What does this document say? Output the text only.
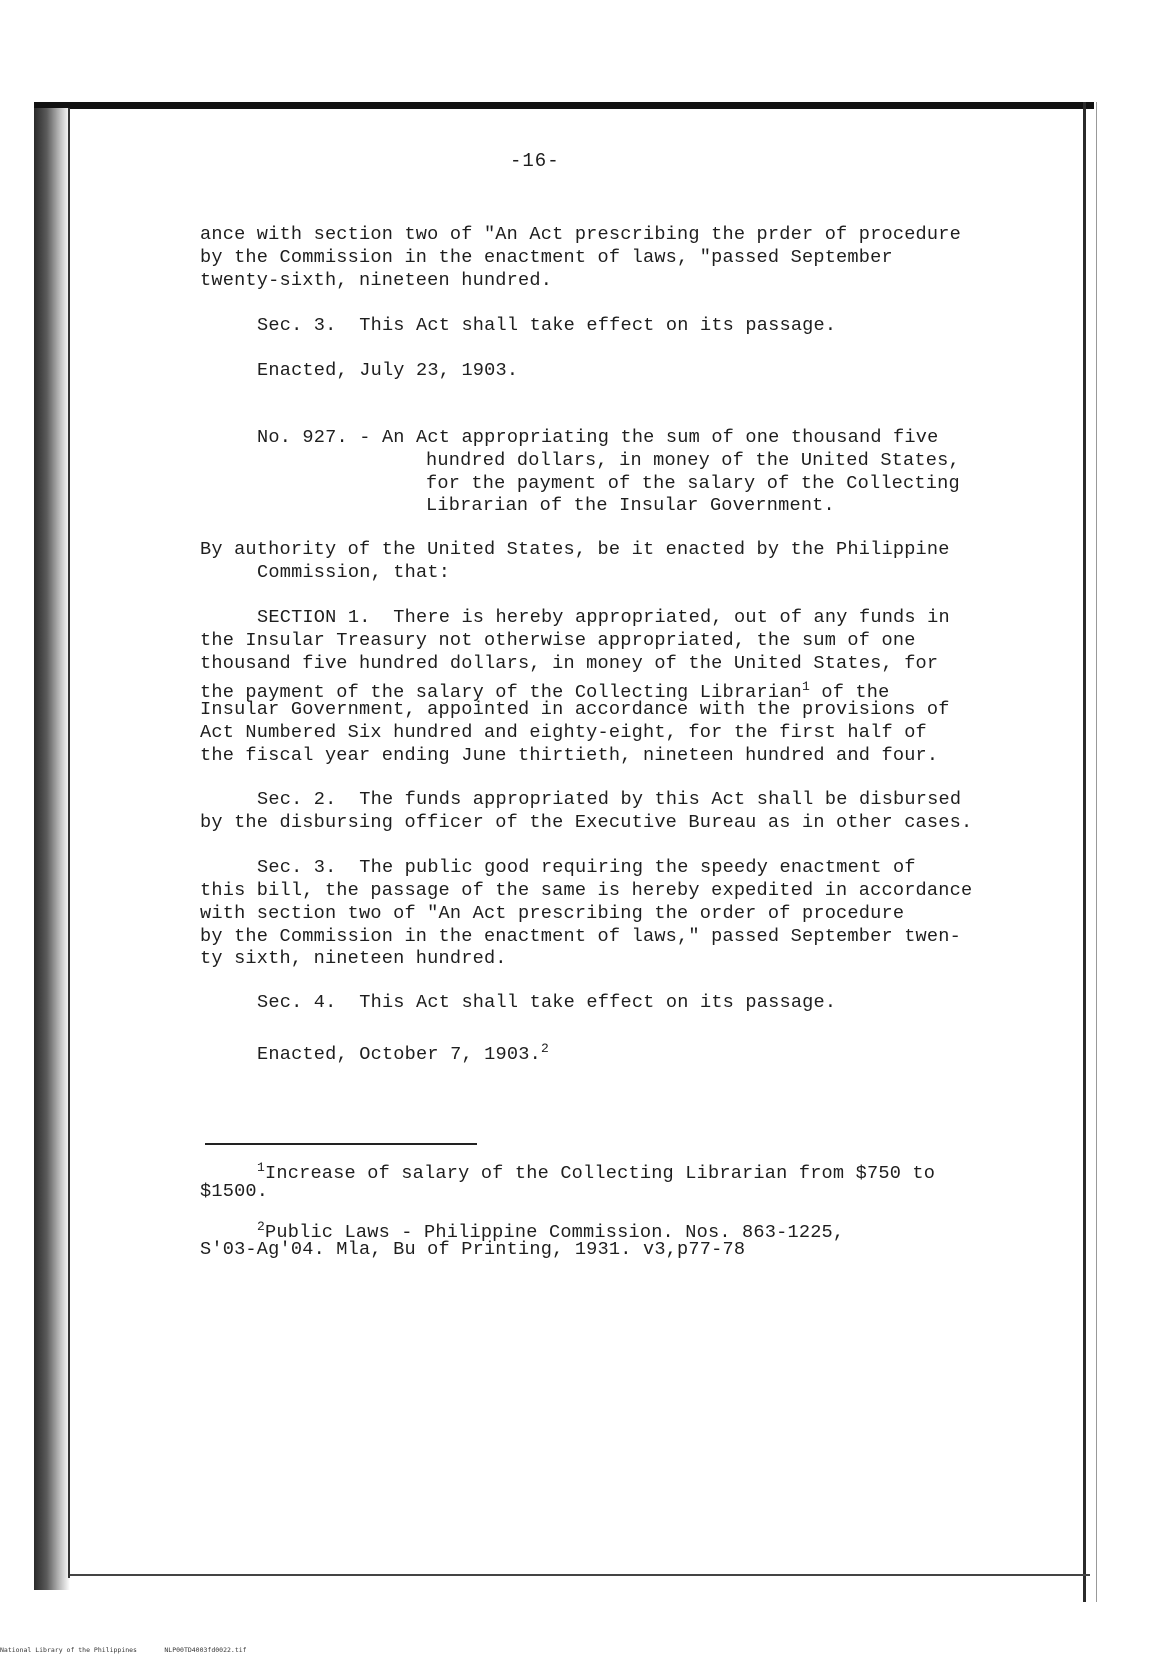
-16-
ance with section two of "An Act prescribing the prder of procedure
by the Commission in the enactment of laws, "passed September
twenty-sixth, nineteen hundred.
Sec. 3.  This Act shall take effect on its passage.
Enacted, July 23, 1903.
No. 927. - An Act appropriating the sum of one thousand five
hundred dollars, in money of the United States,
for the payment of the salary of the Collecting
Librarian of the Insular Government.
By authority of the United States, be it enacted by the Philippine
Commission, that:
SECTION 1.  There is hereby appropriated, out of any funds in
the Insular Treasury not otherwise appropriated, the sum of one
thousand five hundred dollars, in money of the United States, for
the payment of the salary of the Collecting Librarian$^1$ of the
Insular Government, appointed in accordance with the provisions of
Act Numbered Six hundred and eighty-eight, for the first half of
the fiscal year ending June thirtieth, nineteen hundred and four.
Sec. 2.  The funds appropriated by this Act shall be disbursed
by the disbursing officer of the Executive Bureau as in other cases.
Sec. 3.  The public good requiring the speedy enactment of
this bill, the passage of the same is hereby expedited in accordance
with section two of "An Act prescribing the order of procedure
by the Commission in the enactment of laws," passed September twen-
ty sixth, nineteen hundred.
Sec. 4.  This Act shall take effect on its passage.
Enacted, October 7, 1903.$^2$
$^1$Increase of salary of the Collecting Librarian from $750 to
$1500.
$^2$Public Laws - Philippine Commission. Nos. 863-1225,
S'03-Ag'04. Mla, Bu of Printing, 1931. v3,p77-78
National Library of the Philippines	NLP00TD4003fd0022.tif
